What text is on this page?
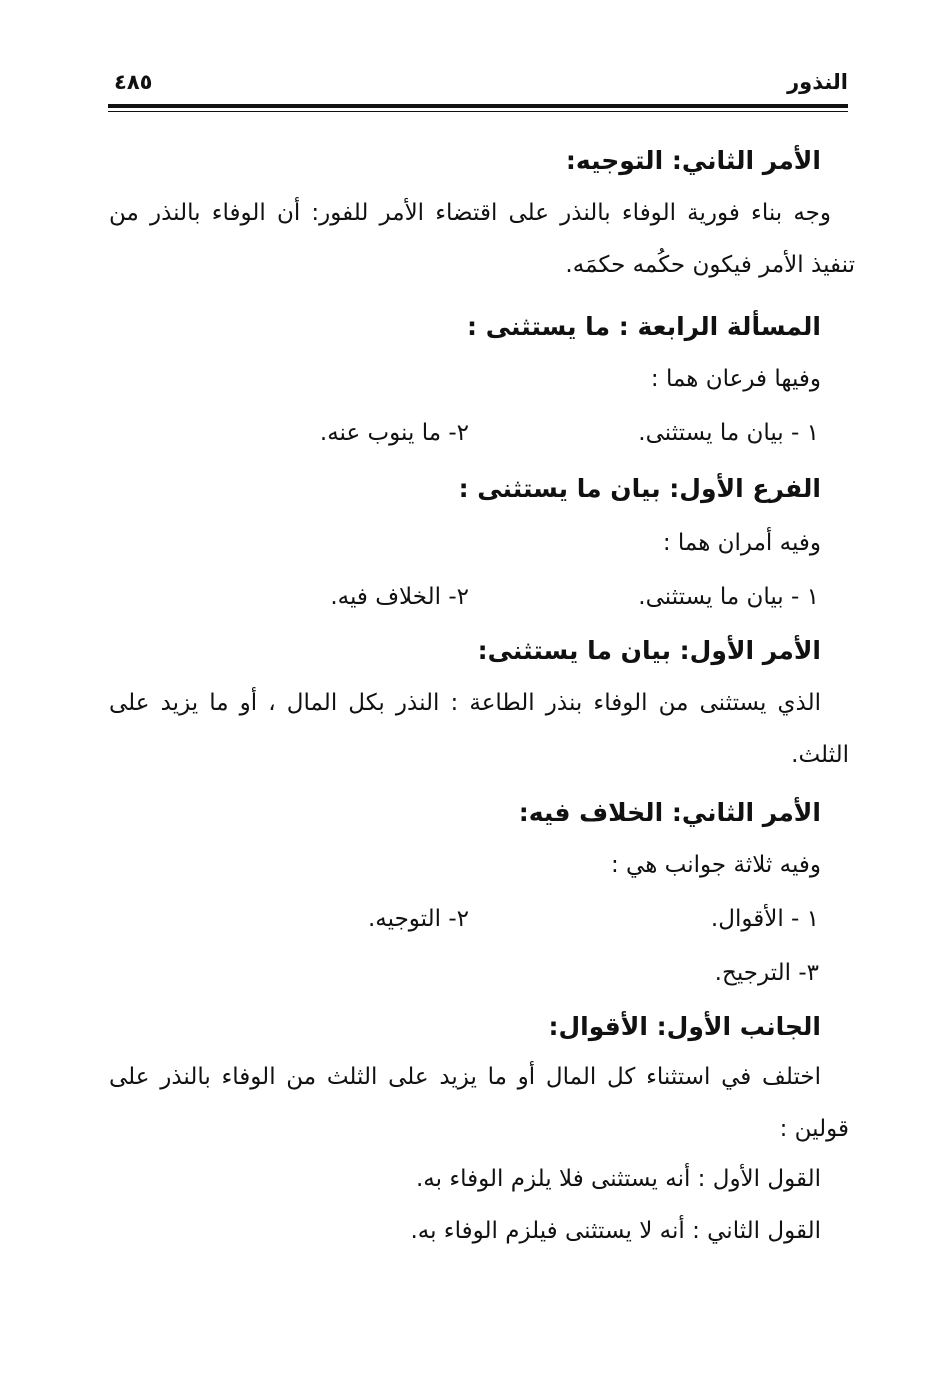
النذور
٤٨٥
الأمر الثاني: التوجيه:
وجه بناء فورية الوفاء بالنذر على اقتضاء الأمر للفور: أن الوفاء بالنذر من
تنفيذ الأمر فيكون حكُمه حكمَه.
المسألة الرابعة : ما يستثنى :
وفيها فرعان هما :
١ - بيان ما يستثنى.
٢- ما ينوب عنه.
الفرع الأول: بيان ما يستثنى :
وفيه أمران هما :
١ - بيان ما يستثنى.
٢- الخلاف فيه.
الأمر الأول: بيان ما يستثنى:
الذي يستثنى من الوفاء بنذر الطاعة : النذر بكل المال ، أو ما يزيد على
الثلث.
الأمر الثاني: الخلاف فيه:
وفيه ثلاثة جوانب هي :
١ - الأقوال.
٢- التوجيه.
٣- الترجيح.
الجانب الأول: الأقوال:
اختلف في استثناء كل المال أو ما يزيد على الثلث من الوفاء بالنذر على
قولين :
القول الأول : أنه يستثنى فلا يلزم الوفاء به.
القول الثاني : أنه لا يستثنى فيلزم الوفاء به.
